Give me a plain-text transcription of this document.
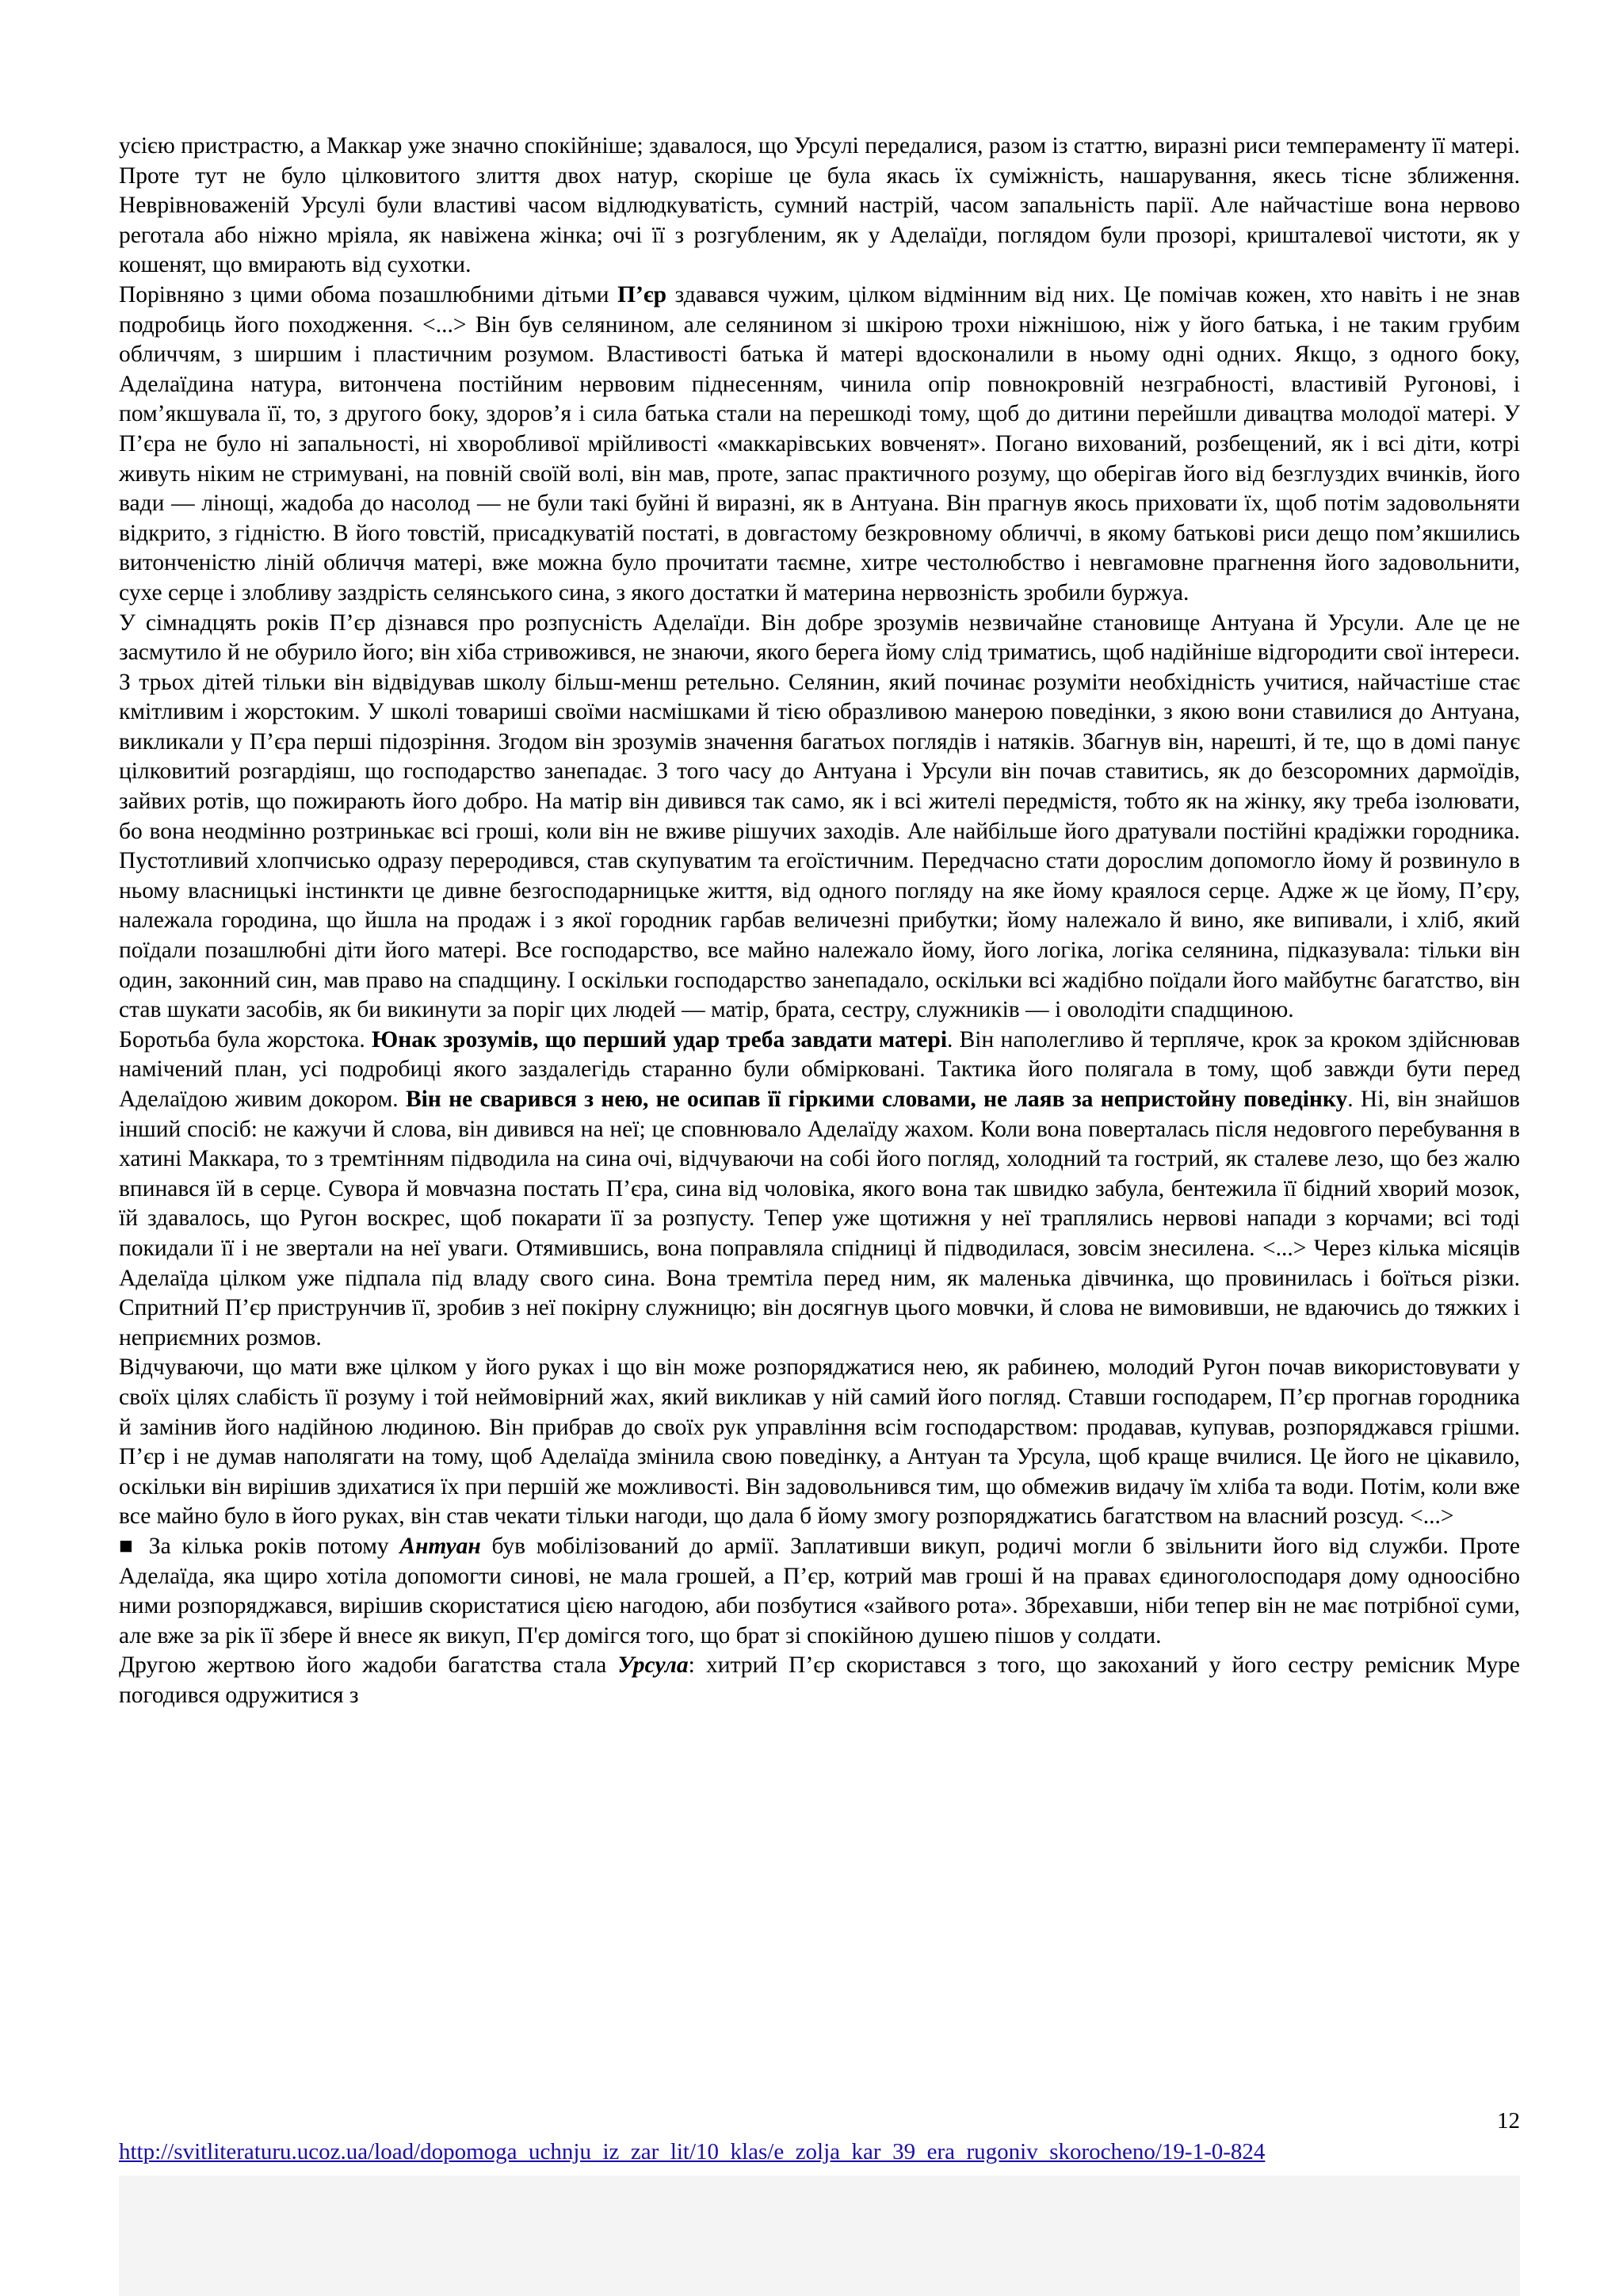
усією пристрастю, а Маккар уже значно спокійніше; здавалося, що Урсулі передалися, разом із статтю, виразні риси темпераменту її матері. Проте тут не було цілковитого злиття двох натур, скоріше це була якась їх суміжність, нашарування, якесь тісне зближення. Неврівноваженій Урсулі були властиві часом відлюдкуватість, сумний настрій, часом запальність парії. Але найчастіше вона нервово реготала або ніжно мріяла, як навіжена жінка; очі її з розгубленим, як у Аделаїди, поглядом були прозорі, кришталевої чистоти, як у кошенят, що вмирають від сухотки.

Порівняно з цими обома позашлюбними дітьми П’єр здавався чужим, цілком відмінним від них. Це помічав кожен, хто навіть і не знав подробиць його походження. <...> Він був селянином, але селянином зі шкірою трохи ніжнішою, ніж у його батька, і не таким грубим обличчям, з ширшим і пластичним розумом. Властивості батька й матері вдосконалили в ньому одні одних. Якщо, з одного боку, Аделаїдина натура, витончена постійним нервовим піднесенням, чинила опір повнокровній незграбності, властивій Ругонові, і пом’якшувала її, то, з другого боку, здоров’я і сила батька стали на перешкоді тому, щоб до дитини перейшли дивацтва молодої матері. У П’єра не було ні запальності, ні хворобливої мрійливості «маккарівських вовченят». Погано вихований, розбещений, як і всі діти, котрі живуть ніким не стримувані, на повній своїй волі, він мав, проте, запас практичного розуму, що оберігав його від безглуздих вчинків, його вади — лінощі, жадоба до насолод — не були такі буйні й виразні, як в Антуана. Він прагнув якось приховати їх, щоб потім задовольняти відкрито, з гідністю. В його товстій, присадкуватій постаті, в довгастому безкровному обличчі, в якому батькові риси дещо пом’якшились витонченістю ліній обличчя матері, вже можна було прочитати таємне, хитре честолюбство і невгамовне прагнення його задовольнити, сухе серце і злобливу заздрість селянського сина, з якого достатки й материна нервозність зробили буржуа.

У сімнадцять років П’єр дізнався про розпусність Аделаїди. Він добре зрозумів незвичайне становище Антуана й Урсули. Але це не засмутило й не обурило його; він хіба стривожився, не знаючи, якого берега йому слід триматись, щоб надійніше відгородити свої інтереси. З трьох дітей тільки він відвідував школу більш-менш ретельно. Селянин, який починає розуміти необхідність учитися, найчастіше стає кмітливим і жорстоким. У школі товариші своїми насмішками й тією образливою манерою поведінки, з якою вони ставилися до Антуана, викликали у П’єра перші підозріння. Згодом він зрозумів значення багатьох поглядів і натяків. Збагнув він, нарешті, й те, що в домі панує цілковитий розгардіяш, що господарство занепадає. З того часу до Антуана і Урсули він почав ставитись, як до безсоромних дармоїдів, зайвих ротів, що пожирають його добро. На матір він дивився так само, як і всі жителі передмістя, тобто як на жінку, яку треба ізолювати, бо вона неодмінно розтринькає всі гроші, коли він не вживе рішучих заходів. Але найбільше його дратували постійні крадіжки городника. Пустотливий хлопчисько одразу переродився, став скупуватим та егоїстичним. Передчасно стати дорослим допомогло йому й розвинуло в ньому власницькі інстинкти це дивне безгосподарницьке життя, від одного погляду на яке йому краялося серце. Адже ж це йому, П’єру, належала городина, що йшла на продаж і з якої городник гарбав величезні прибутки; йому належало й вино, яке випивали, і хліб, який поїдали позашлюбні діти його матері. Все господарство, все майно належало йому, його логіка, логіка селянина, підказувала: тільки він один, законний син, мав право на спадщину. І оскільки господарство занепадало, оскільки всі жадібно поїдали його майбутнє багатство, він став шукати засобів, як би викинути за поріг цих людей — матір, брата, сестру, служників — і оволодіти спадщиною.

Боротьба була жорстока. Юнак зрозумів, що перший удар треба завдати матері. Він наполегливо й терпляче, крок за кроком здійснював намічений план, усі подробиці якого заздалегідь старанно були обмірковані. Тактика його полягала в тому, щоб завжди бути перед Аделаїдою живим докором. Він не сварився з нею, не осипав її гіркими словами, не лаяв за непристойну поведінку. Ні, він знайшов інший спосіб: не кажучи й слова, він дивився на неї; це сповнювало Аделаїду жахом. Коли вона поверталась після недовгого перебування в хатині Маккара, то з тремтінням підводила на сина очі, відчуваючи на собі його погляд, холодний та гострий, як сталеве лезо, що без жалю впинався їй в серце. Сувора й мовчазна постать П’єра, сина від чоловіка, якого вона так швидко забула, бентежила її бідний хворий мозок, їй здавалось, що Ругон воскрес, щоб покарати її за розпусту. Тепер уже щотижня у неї траплялись нервові напади з корчами; всі тоді покидали її і не звертали на неї уваги. Отямившись, вона поправляла спідниці й підводилася, зовсім знесилена. <...> Через кілька місяців Аделаїда цілком уже підпала під владу свого сина. Вона тремтіла перед ним, як маленька дівчинка, що провинилась і боїться різки. Спритний П’єр приструнчив її, зробив з неї покірну служницю; він досягнув цього мовчки, й слова не вимовивши, не вдаючись до тяжких і неприємних розмов.

Відчуваючи, що мати вже цілком у його руках і що він може розпоряджатися нею, як рабинею, молодий Ругон почав використовувати у своїх цілях слабість її розуму і той неймовірний жах, який викликав у ній самий його погляд. Ставши господарем, П’єр прогнав городника й замінив його надійною людиною. Він прибрав до своїх рук управління всім господарством: продавав, купував, розпоряджався грішми. П’єр і не думав наполягати на тому, щоб Аделаїда змінила свою поведінку, а Антуан та Урсула, щоб краще вчилися. Це його не цікавило, оскільки він вирішив здихатися їх при першій же можливості. Він задовольнився тим, що обмежив видачу їм хліба та води. Потім, коли вже все майно було в його руках, він став чекати тільки нагоди, що дала б йому змогу розпоряджатись багатством на власний розсуд. <...>

■ За кілька років потому Антуан був мобілізований до армії. Заплативши викуп, родичі могли б звільнити його від служби. Проте Аделаїда, яка щиро хотіла допомогти синові, не мала грошей, а П’єр, котрий мав гроші й на правах єдиноголосподаря дому одноосібно ними розпоряджався, вирішив скористатися цією нагодою, аби позбутися «зайвого рота». Збрехавши, ніби тепер він не має потрібної суми, але вже за рік її збере й внесе як викуп, П'єр домігся того, що брат зі спокійною душею пішов у солдати.

Другою жертвою його жадоби багатства стала Урсула: хитрий П’єр скористався з того, що закоханий у його сестру ремісник Муре погодився одружитися з

12
http://svitliteraturu.ucoz.ua/load/dopomoga_uchnju_iz_zar_lit/10_klas/e_zolja_kar_39_era_rugoniv_skorocheno/19-1-0-824
